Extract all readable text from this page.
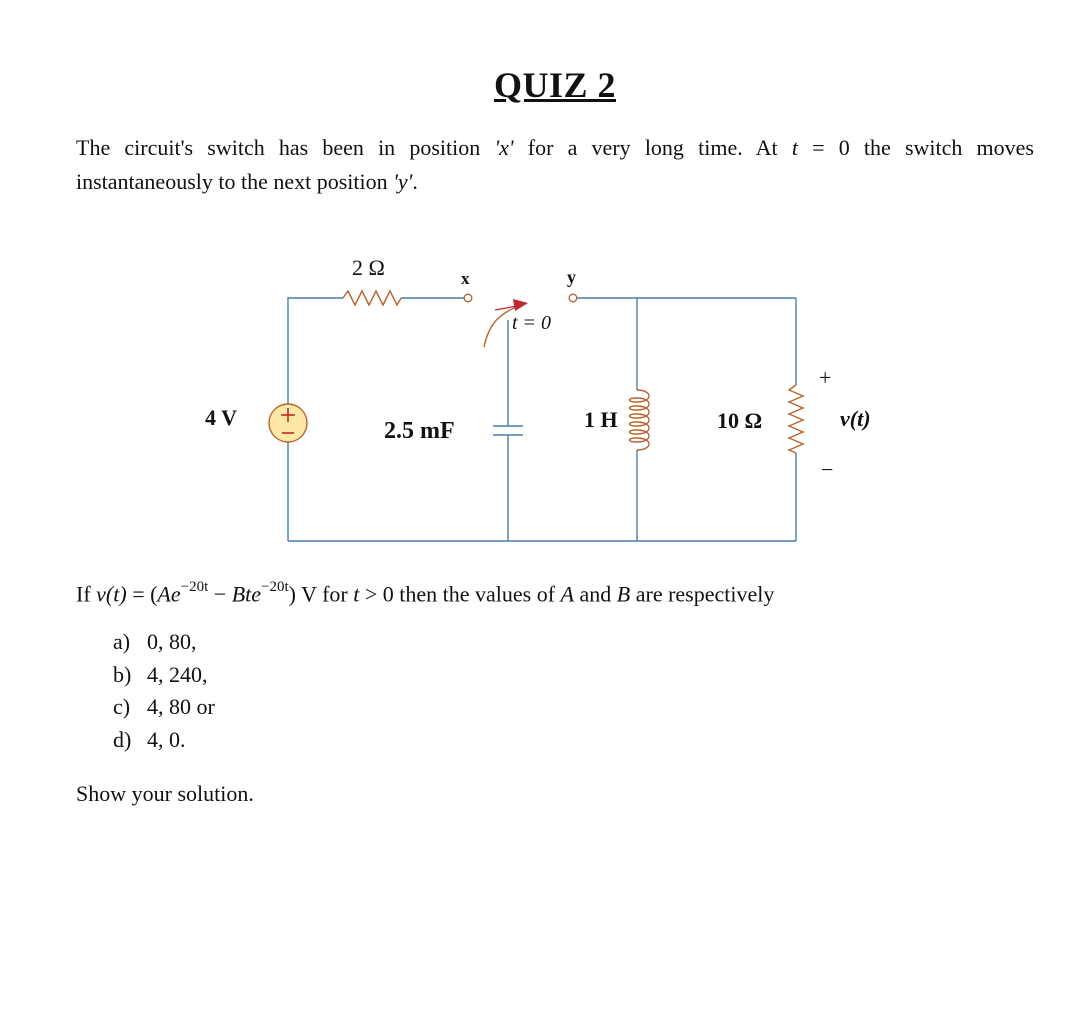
QUIZ 2
The circuit's switch has been in position 'x' for a very long time. At t = 0 the switch moves
instantaneously to the next position 'y'.
2 Ω	x	y
t = 0
4 V
2.5 mF	1 H	10 Ω
+
v(t)
−
If $v(t) = (Ae^{-20t} - Bte^{-20t})$ V for t > 0 then the values of A and B are respectively
a) 0, 80,
b) 4, 240,
c) 4, 80 or
d) 4, 0.
Show your solution.
